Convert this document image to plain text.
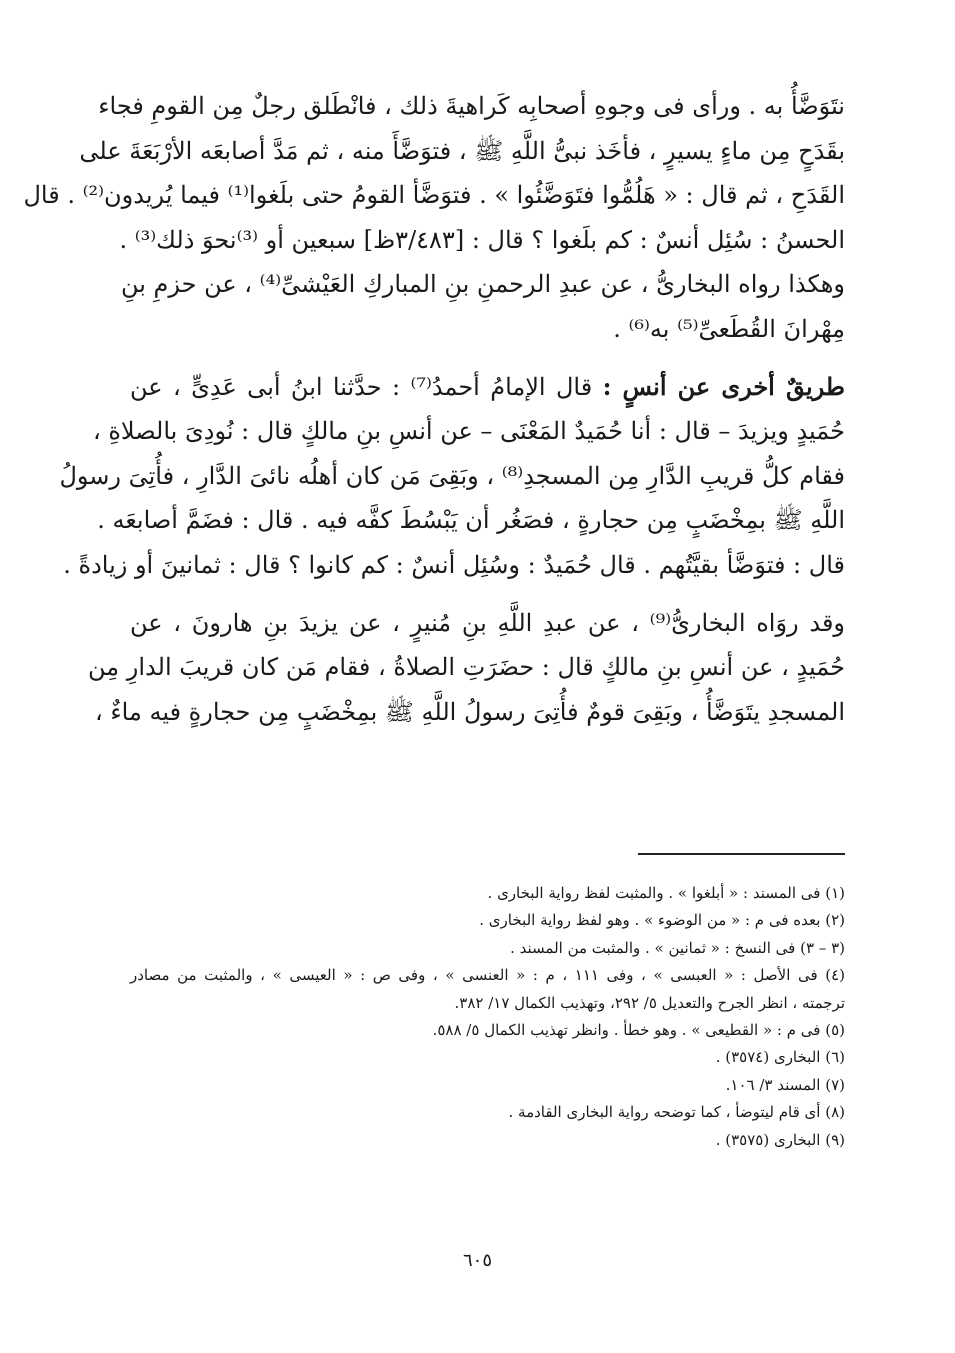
نتَوَضَّأُ به . ورأى فى وجوهِ أصحابِه كَراهيةَ ذلك ، فانْطَلق رجلٌ مِن القومِ فجاء
بقَدَحٍ مِن ماءٍ يسيرٍ ، فأخَذ نبىُّ اللَّهِ ﷺ ، فتوَضَّأَ منه ، ثم مَدَّ أصابعَه الأرْبَعَةَ على
القَدَحِ ، ثم قال : « هَلُمُّوا فتَوَضَّئُوا » . فتوَضَّأ القومُ حتى بلَغوا⁽¹⁾ فيما يُريدون⁽²⁾ . قال
الحسنُ : سُئِل أنسٌ : كم بلَغوا ؟ قال : [٣/٤٨٣ظ] سبعين أو ⁽³⁾نحوَ ذلك⁽³⁾ .
وهكذا رواه البخارىُّ ، عن عبدِ الرحمنِ بنِ المباركِ العَيْشىِّ⁽⁴⁾ ، عن حزمِ بنِ
مِهْرانَ القُطَعىِّ⁽⁵⁾ به⁽⁶⁾ .
طريقٌ أخرى عن أنسٍ : قال الإمامُ أحمدُ⁽⁷⁾ : حدَّثنا ابنُ أبى عَدِىٍّ ، عن
حُمَيدٍ ويزيدَ – قال : أنا حُمَيدٌ المَعْنَى – عن أنسِ بنِ مالكٍ قال : نُودِىَ بالصلاةِ ،
فقام كلُّ قريبِ الدَّارِ مِن المسجدِ⁽⁸⁾ ، وبَقِىَ مَن كان أهلُه نائىَ الدَّارِ ، فأُتِىَ رسولُ
اللَّهِ ﷺ بمِخْضَبٍ مِن حجارةٍ ، فصَغُر أن يَبْسُطَ كفَّه فيه . قال : فضَمَّ أصابعَه .
قال : فتوَضَّأ بقيَّتُهم . قال حُمَيدٌ : وسُئِل أنسٌ : كم كانوا ؟ قال : ثمانينَ أو زيادةً .
وقد روَاه البخارىُّ⁽⁹⁾ ، عن عبدِ اللَّهِ بنِ مُنيرٍ ، عن يزيدَ بنِ هارونَ ، عن
حُمَيدٍ ، عن أنسِ بنِ مالكٍ قال : حضَرَتِ الصلاةُ ، فقام مَن كان قريبَ الدارِ مِن
المسجدِ يتَوَضَّأُ ، وبَقِىَ قومٌ فأُتِىَ رسولُ اللَّهِ ﷺ بمِخْضَبٍ مِن حجارةٍ فيه ماءٌ ،
(١) فى المسند : « أبلغوا » . والمثبت لفظ رواية البخارى .
(٢) بعده فى م : « من الوضوء » . وهو لفظ رواية البخارى .
(٣ – ٣) فى النسخ : « ثمانين » . والمثبت من المسند .
(٤) فى الأصل : « العبسى » ، وفى ١١١ ، م : « العنسى » ، وفى ص : « العيسى » ، والمثبت من مصادر
ترجمته ، انظر الجرح والتعديل ٥/ ٢٩٢، وتهذيب الكمال ١٧/ ٣٨٢.
(٥) فى م : « القطيعى » . وهو خطأ . وانظر تهذيب الكمال ٥/ ٥٨٨.
(٦) البخارى (٣٥٧٤) .
(٧) المسند ٣/ ١٠٦.
(٨) أى قام ليتوضأ ، كما توضحه رواية البخارى القادمة .
(٩) البخارى (٣٥٧٥) .
٦٠٥
